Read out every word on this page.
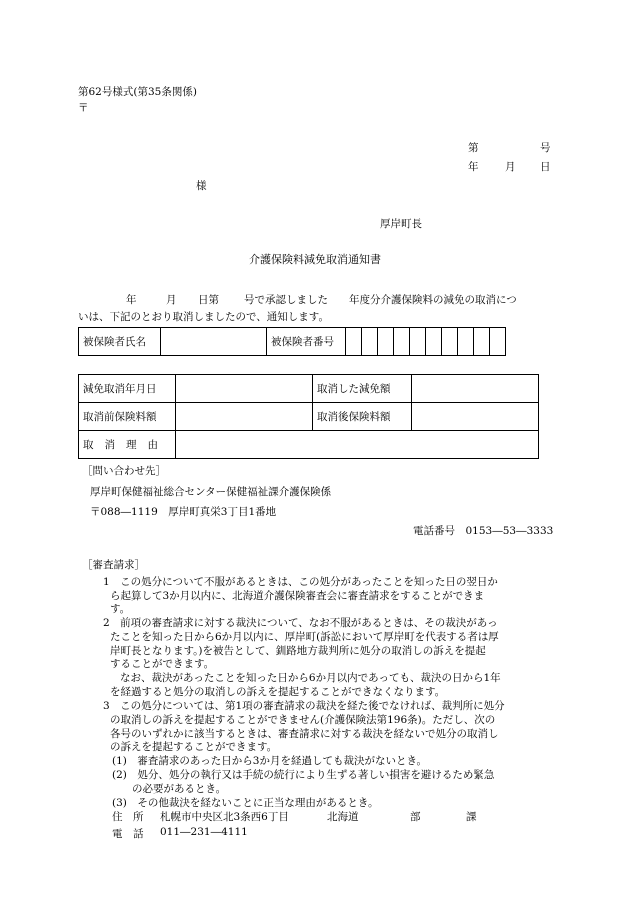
第62号様式(第35条関係)
〒
第	号
年	月 日
様
厚岸町長
介護保険料減免取消通知書
年	月 日第 号で承認しました 年度分介護保険料の減免の取消につ
いは、下記のとおり取消しましたので、通知します。
被保険者氏名		被保険者番号										
減免取消年月日		取消した減免額	
取消前保険料額		取消後保険料額	
取消理由			
［問い合わせ先］
厚岸町保健福祉総合センター保健福祉課介護保険係
〒088―1119　厚岸町真栄3丁目1番地
電話番号　0153―53―3333
［審査請求］
1　この処分について不服があるときは、この処分があったことを知った日の翌日か
ら起算して3か月以内に、北海道介護保険審査会に審査請求をすることができま
す。
2　前項の審査請求に対する裁決について、なお不服があるときは、その裁決があっ
たことを知った日から6か月以内に、厚岸町(訴訟において厚岸町を代表する者は厚
岸町長となります。)を被告として、釧路地方裁判所に処分の取消しの訴えを提起
することができます。
なお、裁決があったことを知った日から6か月以内であっても、裁決の日から1年
を経過すると処分の取消しの訴えを提起することができなくなります。
3　この処分については、第1項の審査請求の裁決を経た後でなければ、裁判所に処分
の取消しの訴えを提起することができません(介護保険法第196条)。ただし、次の
各号のいずれかに該当するときは、審査請求に対する裁決を経ないで処分の取消し
の訴えを提起することができます。
(1)　審査請求のあった日から3か月を経過しても裁決がないとき。
(2)　処分、処分の執行又は手続の続行により生ずる著しい損害を避けるため緊急
の必要があるとき。
(3)　その他裁決を経ないことに正当な理由があるとき。
住　所 札幌市中央区北3条西6丁目	北海道	部	課
電　話 011―231―4111
